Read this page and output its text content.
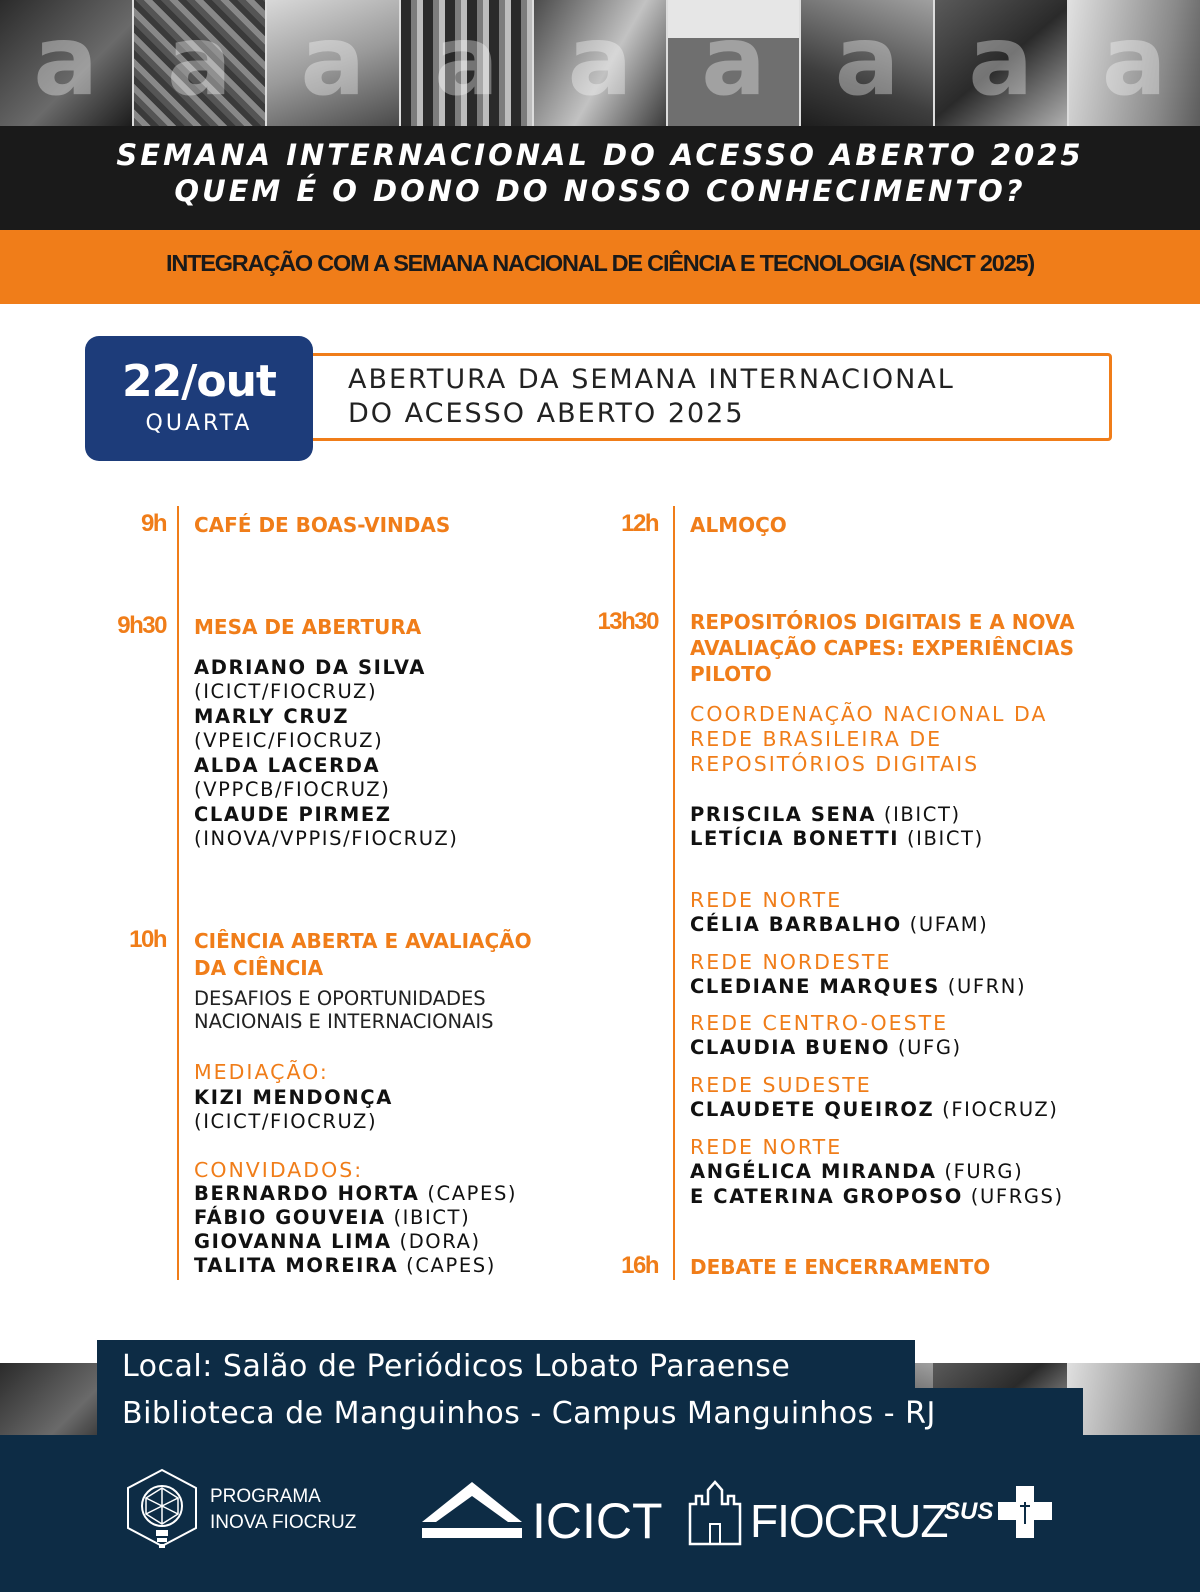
a a a a a a a a a
SEMANA INTERNACIONAL DO ACESSO ABERTO 2025
QUEM É O DONO DO NOSSO CONHECIMENTO?
INTEGRAÇÃO COM A SEMANA NACIONAL DE CIÊNCIA E TECNOLOGIA (SNCT 2025)
ABERTURA DA SEMANA INTERNACIONAL
DO ACESSO ABERTO 2025
22/out
QUARTA
9h CAFÉ DE BOAS-VINDAS
9h30 MESA DE ABERTURA
ADRIANO DA SILVA
(ICICT/FIOCRUZ)
MARLY CRUZ
(VPEIC/FIOCRUZ)
ALDA LACERDA
(VPPCB/FIOCRUZ)
CLAUDE PIRMEZ
(INOVA/VPPIS/FIOCRUZ)
10h CIÊNCIA ABERTA E AVALIAÇÃO
DA CIÊNCIA
DESAFIOS E OPORTUNIDADES
NACIONAIS E INTERNACIONAIS
MEDIAÇÃO:
KIZI MENDONÇA
(ICICT/FIOCRUZ)
CONVIDADOS:
BERNARDO HORTA (CAPES)
FÁBIO GOUVEIA (IBICT)
GIOVANNA LIMA (DORA)
TALITA MOREIRA (CAPES)
12h ALMOÇO
13h30 REPOSITÓRIOS DIGITAIS E A NOVA
AVALIAÇÃO CAPES: EXPERIÊNCIAS
PILOTO
COORDENAÇÃO NACIONAL DA
REDE BRASILEIRA DE
REPOSITÓRIOS DIGITAIS
PRISCILA SENA (IBICT)
LETÍCIA BONETTI (IBICT)
REDE NORTE
CÉLIA BARBALHO (UFAM)
REDE NORDESTE
CLEDIANE MARQUES (UFRN)
REDE CENTRO-OESTE
CLAUDIA BUENO (UFG)
REDE SUDESTE
CLAUDETE QUEIROZ (FIOCRUZ)
REDE NORTE
ANGÉLICA MIRANDA (FURG)
E CATERINA GROPOSO (UFRGS)
16h DEBATE E ENCERRAMENTO
Local: Salão de Periódicos Lobato Paraense
Biblioteca de Manguinhos - Campus Manguinhos - RJ
PROGRAMA
INOVA FIOCRUZ	ICICT FIOCRUZ
SUS
